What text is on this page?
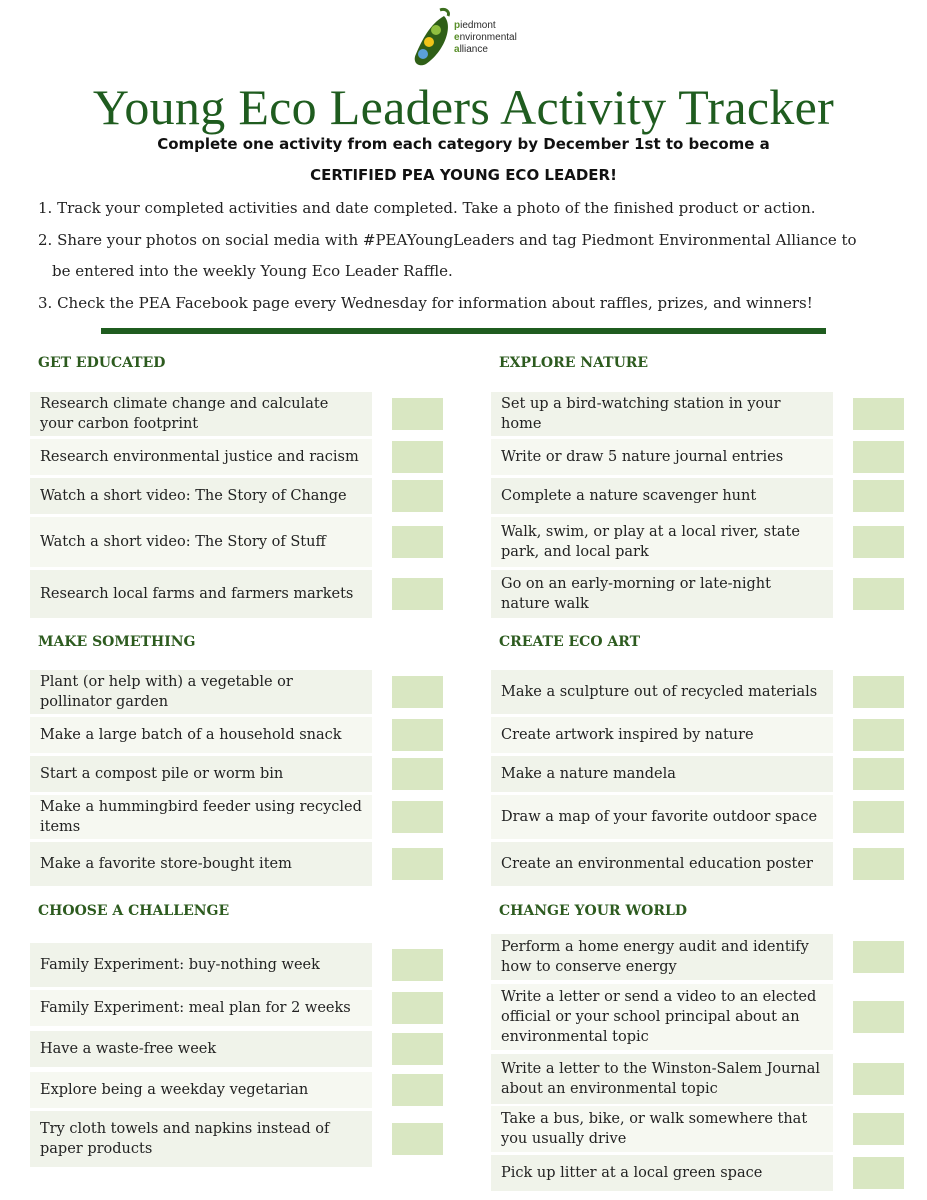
piedmont
environmental
alliance
Young Eco Leaders Activity Tracker
Complete one activity from each category by December 1st to become a
CERTIFIED PEA YOUNG ECO LEADER!
1. Track your completed activities and date completed. Take a photo of the finished product or action.
2. Share your photos on social media with #PEAYoungLeaders and tag Piedmont Environmental Alliance to
be entered into the weekly Young Eco Leader Raffle.
3. Check the PEA Facebook page every Wednesday for information about raffles, prizes, and winners!
GET EDUCATED
Research climate change and calculate your carbon footprint
Research environmental justice and racism
Watch a short video: The Story of Change
Watch a short video: The Story of Stuff
Research local farms and farmers markets
EXPLORE NATURE
Set up a bird-watching station in your home
Write or draw 5 nature journal entries
Complete a nature scavenger hunt
Walk, swim, or play at a local river, state park, and local park
Go on an early-morning or late-night nature walk
MAKE SOMETHING
Plant (or help with) a vegetable or pollinator garden
Make a large batch of a household snack
Start a compost pile or worm bin
Make a hummingbird feeder using recycled items
Make a favorite store-bought item
CREATE ECO ART
Make a sculpture out of recycled materials
Create artwork inspired by nature
Make a nature mandela
Draw a map of your favorite outdoor space
Create an environmental education poster
CHOOSE A CHALLENGE
Family Experiment: buy-nothing week
Family Experiment: meal plan for 2 weeks
Have a waste-free week
Explore being a weekday vegetarian
Try cloth towels and napkins instead of paper products
CHANGE YOUR WORLD
Perform a home energy audit and identify how to conserve energy
Write a letter or send a video to an elected official or your school principal about an environmental topic
Write a letter to the Winston-Salem Journal about an environmental topic
Take a bus, bike, or walk somewhere that you usually drive
Pick up litter at a local green space
